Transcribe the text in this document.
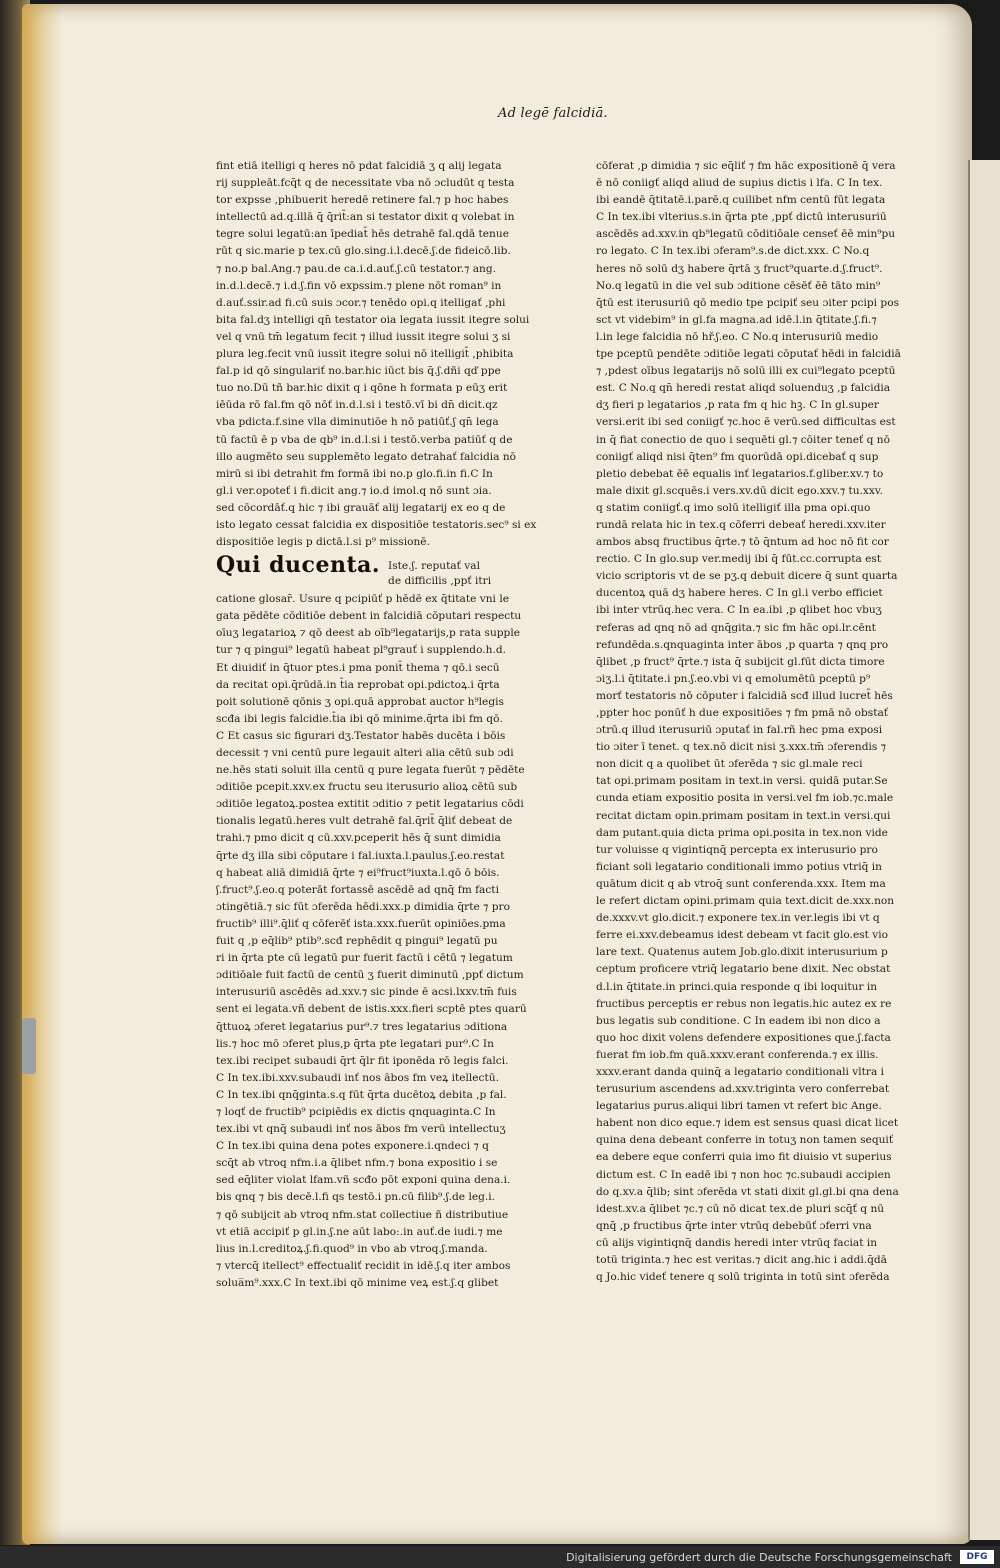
Ad legē falcidiā.
fint etiā itelligi q heres nō pdat falcidiā ʒ q alij legata
rij suppleāt.fcq̄t q de necessitate vba nō ɔcludūt q testa
tor expsse ,phibuerit heredē retinere fal.⁊ p hoc habes
intellectū ad.q.illā q̄ q̄rit̄:an si testator dixit q volebat in
tegre solui legatū:an īpediat̄ hēs detrahē fal.qdā tenue
rūt q sic.marie p tex.cū glo.sing.i.l.decē.ʃ.de fideicō.lib.
⁊ no.p bal.Ang.⁊ pau.de ca.i.d.auť.ʃ.cū testator.⁊ ang.
in.d.l.decē.⁊ i.d.ʃ.fin vō expssim.⁊ plene nōt roman⁹ in
d.auť.ssir.ad fi.cū suis ɔcor.⁊ tenēdo opi.q itelligať ,phi
bita fal.dʒ intelligi qn̄ testator oia legata iussit itegre solui
vel q vnū tm̄ legatum fecit ⁊ illud iussit itegre solui ʒ si
plura leg.fecit vnū iussit itegre solui nō itelligit̄ ,phibita
fal.p id qō singulariť no.bar.hic iūct bis q̄.ʃ.dñi qď ppe
tuo no.Dū tñ bar.hic dixit q i qōne h formata p eūʒ erit
iēūda rō fal.fm qō nōť in.d.l.si i testō.vī bi dn̄ dicit.qz
vba pdicta.f.sine vlla diminutiōe h nō patiūť.ʃ qn̄ lega
tū factū ē p vba de qb⁹ in.d.l.si i testō.verba patiūť q de
illo augmēto seu supplemēto legato detrahať falcidia nō
mirū si ibi detrahit fm formā ibi no.p glo.fi.in fi.C In
gl.i ver.opoteť i fi.dicit ang.⁊ io.d imol.q nō sunt ɔia.
sed cōcordāť.q hic ⁊ ibi grauāť alij legatarij ex eo q de
isto legato cessat falcidia ex dispositiōe testatoris.sec⁹ si ex
dispositiōe legis p dictā.l.si p⁹ missionē.
Qui ducenta. Iste.ʃ. reputať val
de difficilis ,ppť itri
catione glosar̄. Usure q pcipiūť p hēdē ex q̄titate vni le
gata pēdēte cōditiōe debent in falcidiā cōputari respectu
oīuʒ legatarioꝝ ⁊ qō deest ab oīb⁹legatarijs,p rata supple
tur ⁊ q pingui⁹ legatū habeat pl⁹grauť i supplendo.h.d.
Et diuidiť in q̄tuor ptes.i pma ponit̄ thema ⁊ qō.i secū
da recitat opi.q̄rūdā.in t̄ia reprobat opi.pdictoꝝ.i q̄rta
poit solutionē qōnis ʒ opi.quā approbat auctor h⁹legis
scđa ibi legis falcidie.t̄ia ibi qō minime.q̄rta ibi fm qō.
C Et casus sic figurari dʒ.Testator habēs ducēta i bōis
decessit ⁊ vni centū pure legauit alteri alia cētū sub ɔdi
ne.hēs stati soluit illa centū q pure legata fuerūt ⁊ pēdēte
ɔditiōe pcepit.xxv.ex fructu seu iterusurio alioꝝ cētū sub
ɔditiōe legatoꝝ.postea extitit ɔditio ⁊ petit legatarius cōdi
tionalis legatū.heres vult detrahē fal.q̄rit̄ q̄liť debeat de
trahi.⁊ pmo dicit q cū.xxv.pceperit hēs q̄ sunt dimidia
q̄rte dʒ illa sibi cōputare i fal.iuxta.l.paulus.ʃ.eo.restat
q habeat aliā dimidiā q̄rte ⁊ ei⁹fruct⁹iuxta.l.qō ō bōis.
ʃ.fruct⁹.ʃ.eo.q poterāt fortassē ascēdē ad qnq̄ fm facti
ɔtingētiā.⁊ sic fūt ɔferēda hēdi.xxx.p dimidia q̄rte ⁊ pro
fructib⁹ illi⁹.q̄liť q cōferēť ista.xxx.fuerūt opiniōes.pma
fuit q ,p eq̄lib⁹ ptib⁹.scđ rephēdit q pingui⁹ legatū pu
ri in q̄rta pte cū legatū pur fuerit factū i cētū ⁊ legatum
ɔditiōale fuit factū de centū ʒ fuerit diminutū ,ppť dictum
interusuriū ascēdēs ad.xxv.⁊ sic pinde ē acsi.lxxv.tm̄ fuis
sent ei legata.vñ debent de istis.xxx.fieri scptē ptes quarū
q̄ttuoꝝ ɔferet legatarius pur⁹.⁊ tres legatarius ɔditiona
lis.⁊ hoc mō ɔferet plus,p q̄rta pte legatari pur⁹.C In
tex.ibi recipet subaudi q̄rt q̄lr fit iponēda rō legis falci.
C In tex.ibi.xxv.subaudi inť nos ābos fm veꝝ itellectū.
C In tex.ibi qnq̄ginta.s.q fūt q̄rta ducētoꝝ debita ,p fal.
⁊ loqť de fructib⁹ pcipiēdis ex dictis qnquaginta.C In
tex.ibi vt qnq̄ subaudi inť nos ābos fm verū intellectuʒ
C In tex.ibi quina dena potes exponere.i.qndeci ⁊ q
scq̄t ab vtroq nfm.i.a q̄libet nfm.⁊ bona expositio i se
sed eq̄liter violat lfam.vñ scđo pōt exponi quina dena.i.
bis qnq ⁊ bis decē.l.fi qs testō.i pn.cū filib⁹.ʃ.de leg.i.
⁊ qō subijcit ab vtroq nfm.stat collectiue ñ distributiue
vt etiā accipiť p gl.in.ʃ.ne aūt labo:.in auť.de iudi.⁊ me
lius in.l.creditoꝝ.ʃ.fi.quod⁹ in vbo ab vtroq.ʃ.manda.
⁊ vtercq̄ itellect⁹ effectualiť recidit in idē.ʃ.q iter ambos
solua̅m⁹.xxx.C In text.ibi qō minime veꝝ est.ʃ.q glibet
cōferat ,p dimidia ⁊ sic eq̄liť ⁊ fm hāc expositionē q̄ vera
ē nō coniigť aliqd aliud de supius dictis i lfa. C In tex.
ibi eandē q̄titatē.i.parē.q cuilibet nfm centū fūt legata
C In tex.ibi vlterius.s.in q̄rta pte ,ppť dictū interusuriū
ascēdēs ad.xxv.in qb⁹legatū cōditiōale censeť ēē min⁹pu
ro legato. C In tex.ibi ɔferam⁹.s.de dict.xxx. C No.q
heres nō solū dʒ habere q̄rtā ʒ fruct⁹quarte.d.ʃ.fruct⁹.
No.q legatū in die vel sub ɔditione cēsēť ēē tāto min⁹
q̄tū est iterusuriū qō medio tpe pcipiť seu ɔiter pcipi pos
sct vt videbim⁹ in gl.fa magna.ad idē.l.in q̄titate.ʃ.fi.⁊
l.in lege falcidia nō hř.ʃ.eo. C No.q interusuriū medio
tpe pceptū pendēte ɔditiōe legati cōputať hēdi in falcidiā
⁊ ,pdest oībus legatarijs nō solū illi ex cui⁹legato pceptū
est. C No.q qn̄ heredi restat aliqd soluenduʒ ,p falcidia
dʒ fieri p legatarios ,p rata fm q hic hꝫ. C In gl.super
versi.erit ibi sed coniigť ⁊c.hoc ē verū.sed difficultas est
in q̄ fiat conectio de quo i sequēti gl.⁊ cōiter teneť q nō
coniigť aliqd nisi q̄ten⁹ fm quorūdā opi.dicebať q sup
pletio debebat ēē equalis inť legatarios.f.gliber.xv.⁊ to
male dixit gl.scquēs.i vers.xv.dū dicit ego.xxv.⁊ tu.xxv.
q statim coniigť.q imo solū itelligiť illa pma opi.quo
rundā relata hic in tex.q cōferri debeať heredi.xxv.iter
ambos absq fructibus q̄rte.⁊ tō q̄ntum ad hoc nō fit cor
rectio. C In glo.sup ver.medij ibi q̄ fūt.cc.corrupta est
vicio scriptoris vt de se pʒ.q debuit dicere q̄ sunt quarta
ducentoꝝ quā dʒ habere heres. C In gl.i verbo efficiet
ibi inter vtrūq.hec vera. C In ea.ibi ,p qlibet hoc vbuʒ
referas ad qnq nō ad qnq̄gita.⁊ sic fm hāc opi.lr.cēnt
refundēda.s.qnquaginta inter ābos ,p quarta ⁊ qnq pro
q̄libet ,p fruct⁹ q̄rte.⁊ ista q̄ subijcit gl.fūt dicta timore
ɔiʒ.l.i q̄titate.i pn.ʃ.eo.vbi vi q emolumētū pceptū p⁹
morť testatoris nō cōputer i falcidiā scđ illud lucret̄ hēs
,ppter hoc ponūť h due expositiōes ⁊ fm pmā nō obstať
ɔtrū.q illud iterusuriū ɔputať in fal.rñ hec pma exposi
tio ɔiter ī tenet. q tex.nō dicit nisi ʒ.xxx.tm̄ ɔferendis ⁊
non dicit q a quolibet ūt ɔferēda ⁊ sic gl.male reci
tat opi.primam positam in text.in versi. quidā putar.Se
cunda etiam expositio posita in versi.vel fm iob.⁊c.male
recitat dictam opin.primam positam in text.in versi.qui
dam putant.quia dicta prima opi.posita in tex.non vide
tur voluisse q vigintiqnq̄ percepta ex interusurio pro
ficiant soli legatario conditionali immo potius vtriq̄ in
quātum dicit q ab vtroq̄ sunt conferenda.xxx. Item ma
le refert dictam opini.primam quia text.dicit de.xxx.non
de.xxxv.vt glo.dicit.⁊ exponere tex.in ver.legis ibi vt q
ferre ei.xxv.debeamus idest debeam vt facit glo.est vio
lare text. Quatenus autem Job.glo.dixit interusurium p
ceptum proficere vtriq̄ legatario bene dixit. Nec obstat
d.l.in q̄titate.in princi.quia responde q ibi loquitur in
fructibus perceptis er rebus non legatis.hic autez ex re
bus legatis sub conditione. C In eadem ibi non dico a
quo hoc dixit volens defendere expositiones que.ʃ.facta
fuerat fm iob.fm quā.xxxv.erant conferenda.⁊ ex illis.
xxxv.erant danda quinq̄ a legatario conditionali vltra i
terusurium ascendens ad.xxv.triginta vero conferrebat
legatarius purus.aliqui libri tamen vt refert bic Ange.
habent non dico eque.⁊ idem est sensus quasi dicat licet
quina dena debeant conferre in totuʒ non tamen sequiť
ea debere eque conferri quia imo fit diuisio vt superius
dictum est. C In eadē ibi ⁊ non hoc ⁊c.subaudi accipien
do q.xv.a q̄lib; sint ɔferēda vt stati dixit gl.gl.bi qna dena
idest.xv.a q̄libet ⁊c.⁊ cū nō dicat tex.de pluri scq̄ť q nū
qnq̄ ,p fructibus q̄rte inter vtrūq debebūť ɔferri vna
cū alijs vigintiqnq̄ dandis heredi inter vtrūq faciat in
totū triginta.⁊ hec est veritas.⁊ dicit ang.hic i addi.q̄dā
q Jo.hic videť tenere q solū triginta in totū sint ɔferēda
Digitalisierung gefördert durch die Deutsche Forschungsgemeinschaft	DFG
